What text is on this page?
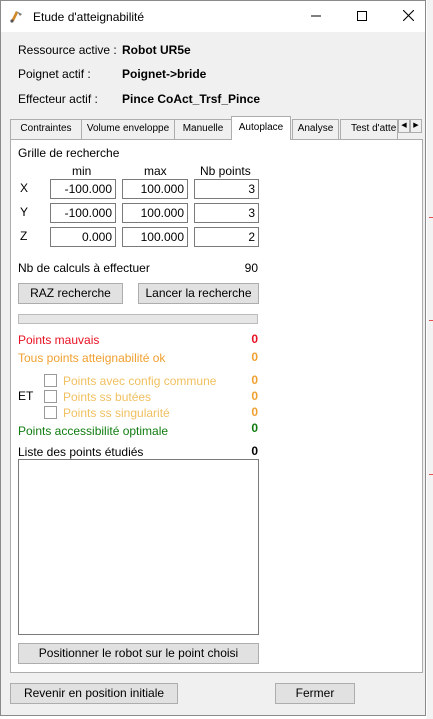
Etude d'atteignabilité
Ressource active : Robot UR5e
Poignet actif :	Poignet->bride
Effecteur actif : Pince CoAct_Trsf_Pince
Contraintes	Volume enveloppe	Manuelle	Autoplace	Analyse	Test d'atte ◀ ▶
Grille de recherche
min	max	Nb points
X	-100.000	100.000	3
Y	-100.000	100.000	3
Z	0.000	100.000	2
Nb de calculs à effectuer	90
RAZ recherche	Lancer la recherche
Points mauvais	0
Tous points atteignabilité ok	0
ET
Points avec config commune	0
Points ss butées	0
Points ss singularité	0
Points accessibilité optimale	0
Liste des points étudiés	0
Positionner le robot sur le point choisi
Revenir en position initiale	Fermer
